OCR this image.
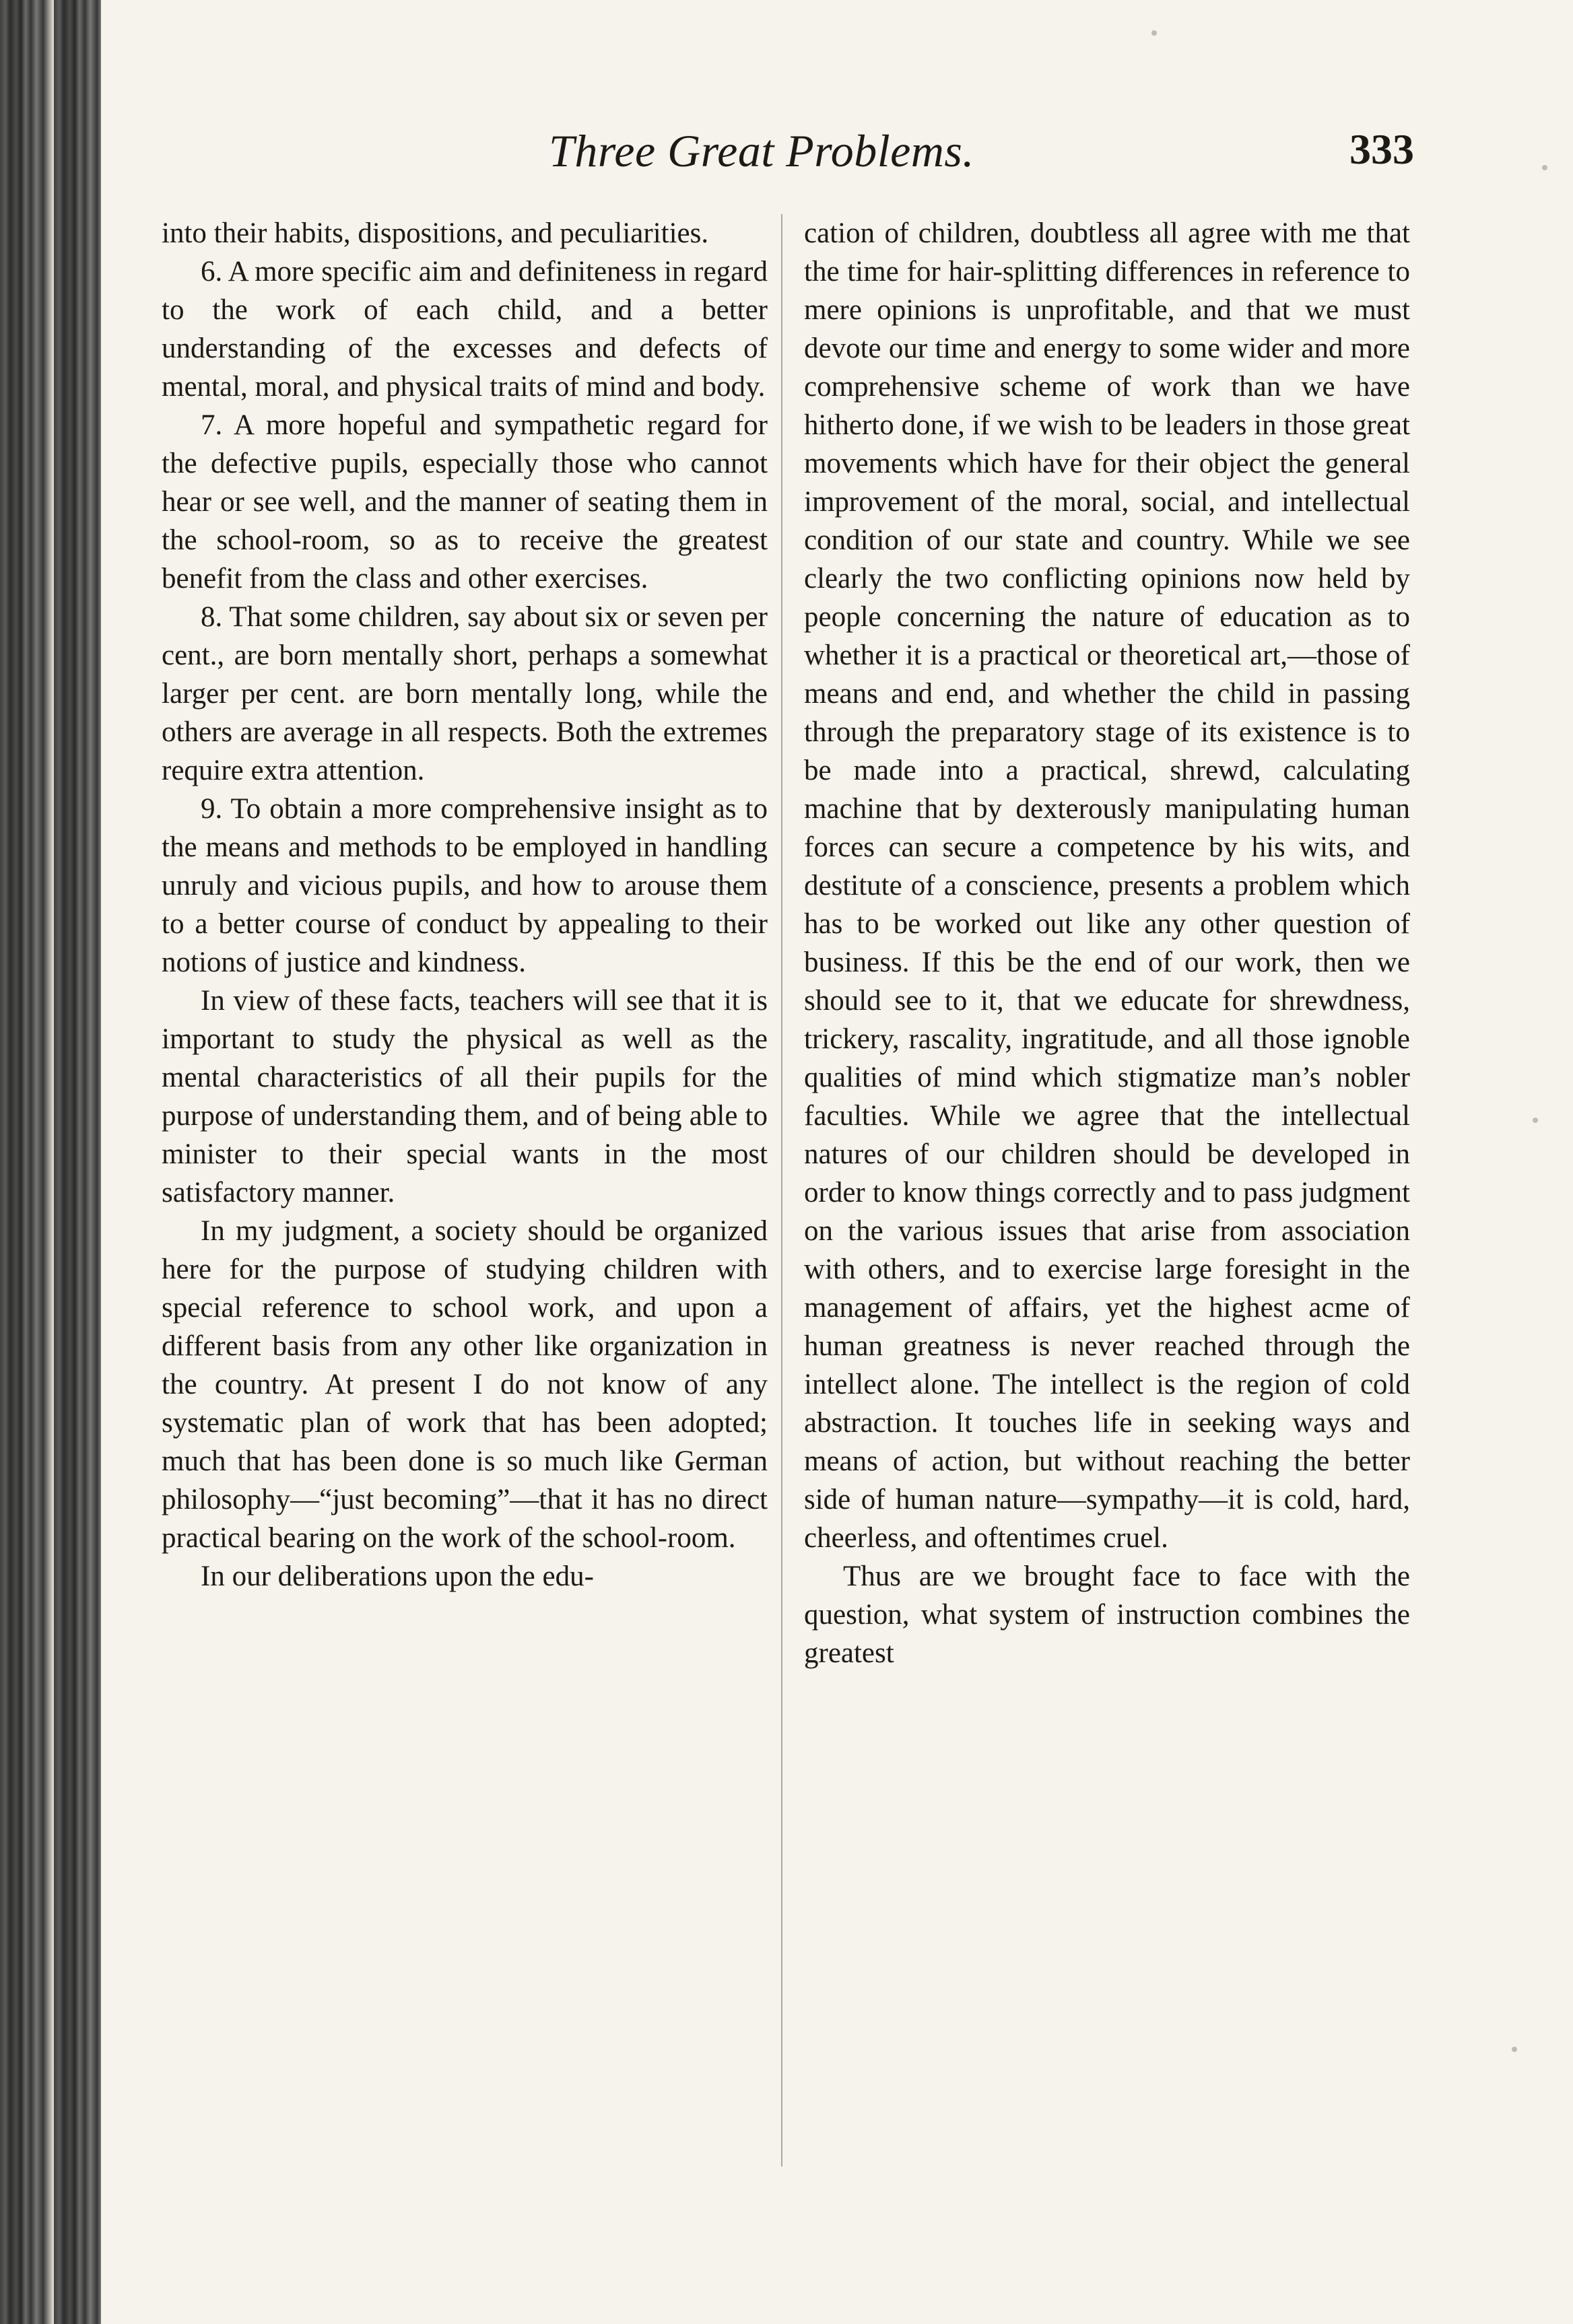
Three Great Problems.	333

into their habits, dispositions, and peculiarities.

6. A more specific aim and definiteness in regard to the work of each child, and a better understanding of the excesses and defects of mental, moral, and physical traits of mind and body.

7. A more hopeful and sympathetic regard for the defective pupils, especially those who cannot hear or see well, and the manner of seating them in the school-room, so as to receive the greatest benefit from the class and other exercises.

8. That some children, say about six or seven per cent., are born mentally short, perhaps a somewhat larger per cent. are born mentally long, while the others are average in all respects. Both the extremes require extra attention.

9. To obtain a more comprehensive insight as to the means and methods to be employed in handling unruly and vicious pupils, and how to arouse them to a better course of conduct by appealing to their notions of justice and kindness.

In view of these facts, teachers will see that it is important to study the physical as well as the mental characteristics of all their pupils for the purpose of understanding them, and of being able to minister to their special wants in the most satisfactory manner.

In my judgment, a society should be organized here for the purpose of studying children with special reference to school work, and upon a different basis from any other like organization in the country. At present I do not know of any systematic plan of work that has been adopted; much that has been done is so much like German philosophy—“just becoming”—that it has no direct practical bearing on the work of the school-room.

In our deliberations upon the edu-

cation of children, doubtless all agree with me that the time for hair-splitting differences in reference to mere opinions is unprofitable, and that we must devote our time and energy to some wider and more comprehensive scheme of work than we have hitherto done, if we wish to be leaders in those great movements which have for their object the general improvement of the moral, social, and intellectual condition of our state and country. While we see clearly the two conflicting opinions now held by people concerning the nature of education as to whether it is a practical or theoretical art,—those of means and end, and whether the child in passing through the preparatory stage of its existence is to be made into a practical, shrewd, calculating machine that by dexterously manipulating human forces can secure a competence by his wits, and destitute of a conscience, presents a problem which has to be worked out like any other question of business. If this be the end of our work, then we should see to it, that we educate for shrewdness, trickery, rascality, ingratitude, and all those ignoble qualities of mind which stigmatize man’s nobler faculties. While we agree that the intellectual natures of our children should be developed in order to know things correctly and to pass judgment on the various issues that arise from association with others, and to exercise large foresight in the management of affairs, yet the highest acme of human greatness is never reached through the intellect alone. The intellect is the region of cold abstraction. It touches life in seeking ways and means of action, but without reaching the better side of human nature—sympathy—it is cold, hard, cheerless, and oftentimes cruel.

Thus are we brought face to face with the question, what system of instruction combines the greatest
